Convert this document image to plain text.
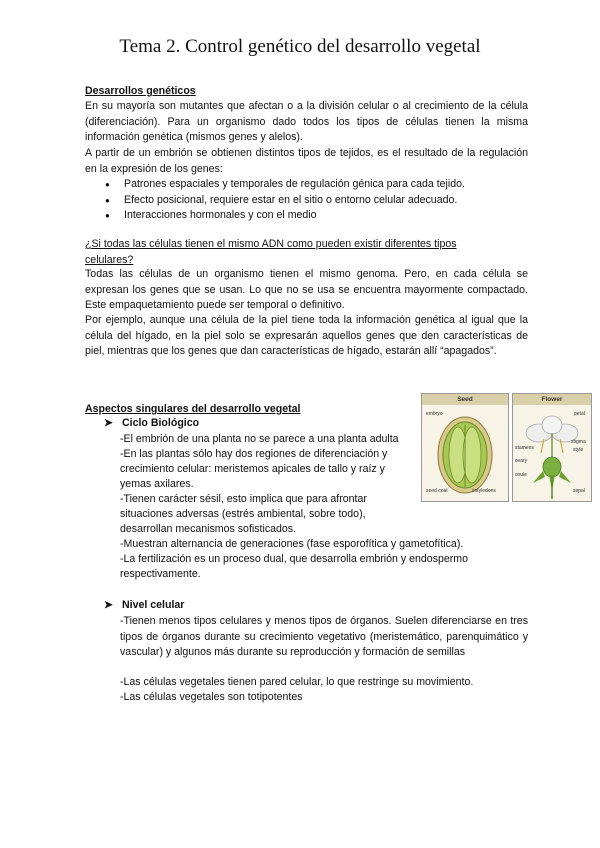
Tema 2. Control genético del desarrollo vegetal

Desarrollos genéticos

En su mayoría son mutantes que afectan o a la división celular o al crecimiento de la célula (diferenciación). Para un organismo dado todos los tipos de células tienen la misma información genética (mismos genes y alelos).

A partir de un embrión se obtienen distintos tipos de tejidos, es el resultado de la regulación en la expresión de los genes:

● Patrones espaciales y temporales de regulación génica para cada tejido.
● Efecto posicional, requiere estar en el sitio o entorno celular adecuado.
● Interacciones hormonales y con el medio

¿Si todas las células tienen el mismo ADN como pueden existir diferentes tipos celulares?

Todas las células de un organismo tienen el mismo genoma. Pero, en cada célula se expresan los genes que se usan. Lo que no se usa se encuentra mayormente compactado. Este empaquetamiento puede ser temporal o definitivo.

Por ejemplo, aunque una célula de la piel tiene toda la información genética al igual que la célula del hígado, en la piel solo se expresarán aquellos genes que den características de piel, mientras que los genes que dan características de hígado, estarán allí “apagados”.

Aspectos singulares del desarrollo vegetal

➤ Ciclo Biológico

-El embrión de una planta no se parece a una planta adulta

-En las plantas sólo hay dos regiones de diferenciación y

crecimiento celular: meristemos apicales de tallo y raíz y

yemas axilares.

-Tienen carácter sésil, esto implica que para afrontar

situaciones adversas (estrés ambiental, sobre todo),

desarrollan mecanismos sofisticados.

-Muestran alternancia de generaciones (fase esporofítica y gametofítica).

-La fertilización es un proceso dual, que desarrolla embrión y endospermo

respectivamente.

➤ Nivel celular

-Tienen menos tipos celulares y menos tipos de órganos. Suelen diferenciarse en tres tipos de órganos durante su crecimiento vegetativo (meristemático, parenquimático y vascular) y algunos más durante su reproducción y formación de semillas

-Las células vegetales tienen pared celular, lo que restringe su movimiento.

-Las células vegetales son totipotentes

Seed
embryo
seed coat	cotyledons
Flower
petal
stigma
style
stamens
ovary
ovule
sepal
